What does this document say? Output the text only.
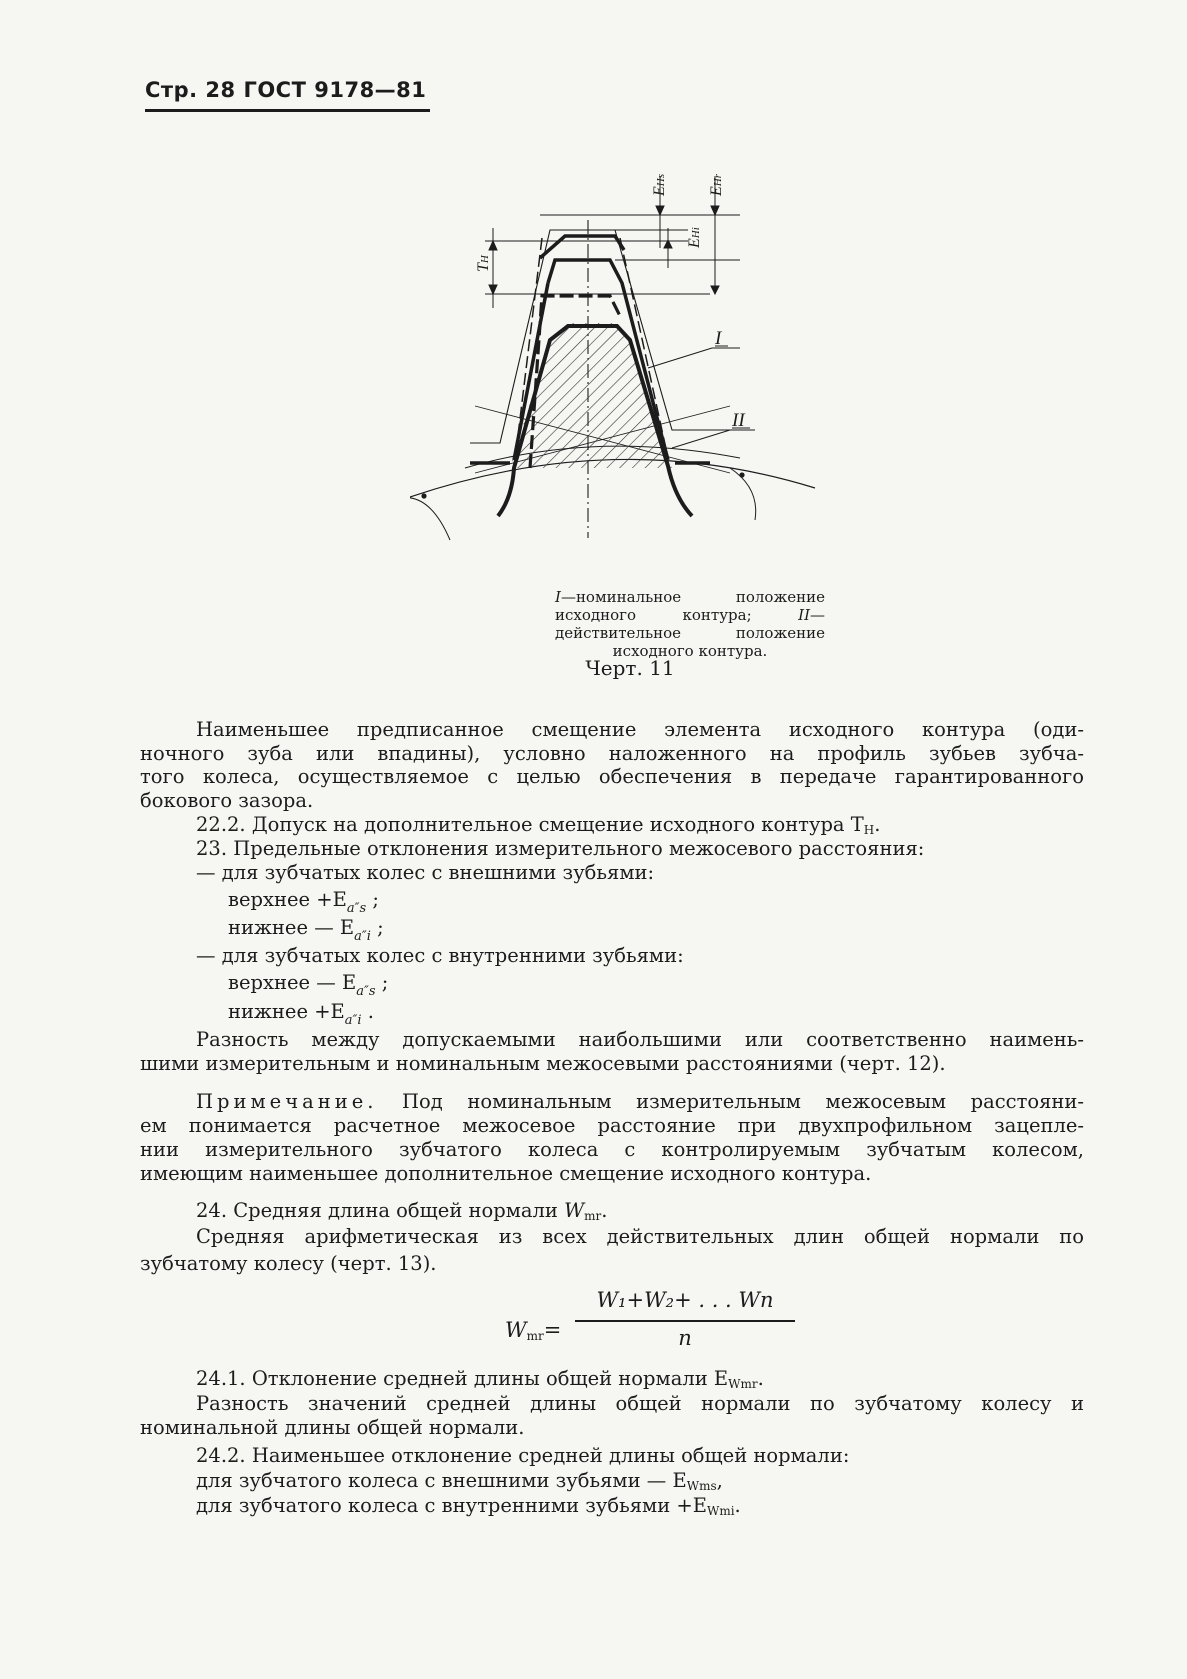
Стр. 28 ГОСТ 9178—81
EHs
EHr
EHi
TH
I
II
I—номинальное положение исходного контура; II—действительное положение исходного контура.
Черт. 11
Наименьшее предписанное смещение элемента исходного контура (оди-
ночного зуба или впадины), условно наложенного на профиль зубьев зубча-
того колеса, осуществляемое с целью обеспечения в передаче гарантированного
бокового зазора.
22.2. Допуск на дополнительное смещение исходного контура TH.
23. Предельные отклонения измерительного межосевого расстояния:
— для зубчатых колес с внешними зубьями:
верхнее $+E_{a''s}$ ;
нижнее — $E_{a''i}$ ;
— для зубчатых колес с внутренними зубьями:
верхнее — $E_{a''s}$ ;
нижнее $+E_{a''i}$ .
Разность между допускаемыми наибольшими или соответственно наимень-
шими измерительным и номинальным межосевыми расстояниями (черт. 12).
Примечание. Под номинальным измерительным межосевым расстояни-
ем понимается расчетное межосевое расстояние при двухпрофильном зацепле-
нии измерительного зубчатого колеса с контролируемым зубчатым колесом,
имеющим наименьшее дополнительное смещение исходного контура.
24. Средняя длина общей нормали Wmr.
Средняя арифметическая из всех действительных длин общей нормали по
зубчатому колесу (черт. 13).
Wmr=
W₁+W₂+ . . . Wn
n
24.1. Отклонение средней длины общей нормали EWmr.
Разность значений средней длины общей нормали по зубчатому колесу и
номинальной длины общей нормали.
24.2. Наименьшее отклонение средней длины общей нормали:
для зубчатого колеса с внешними зубьями — EWms,
для зубчатого колеса с внутренними зубьями +EWmi.
